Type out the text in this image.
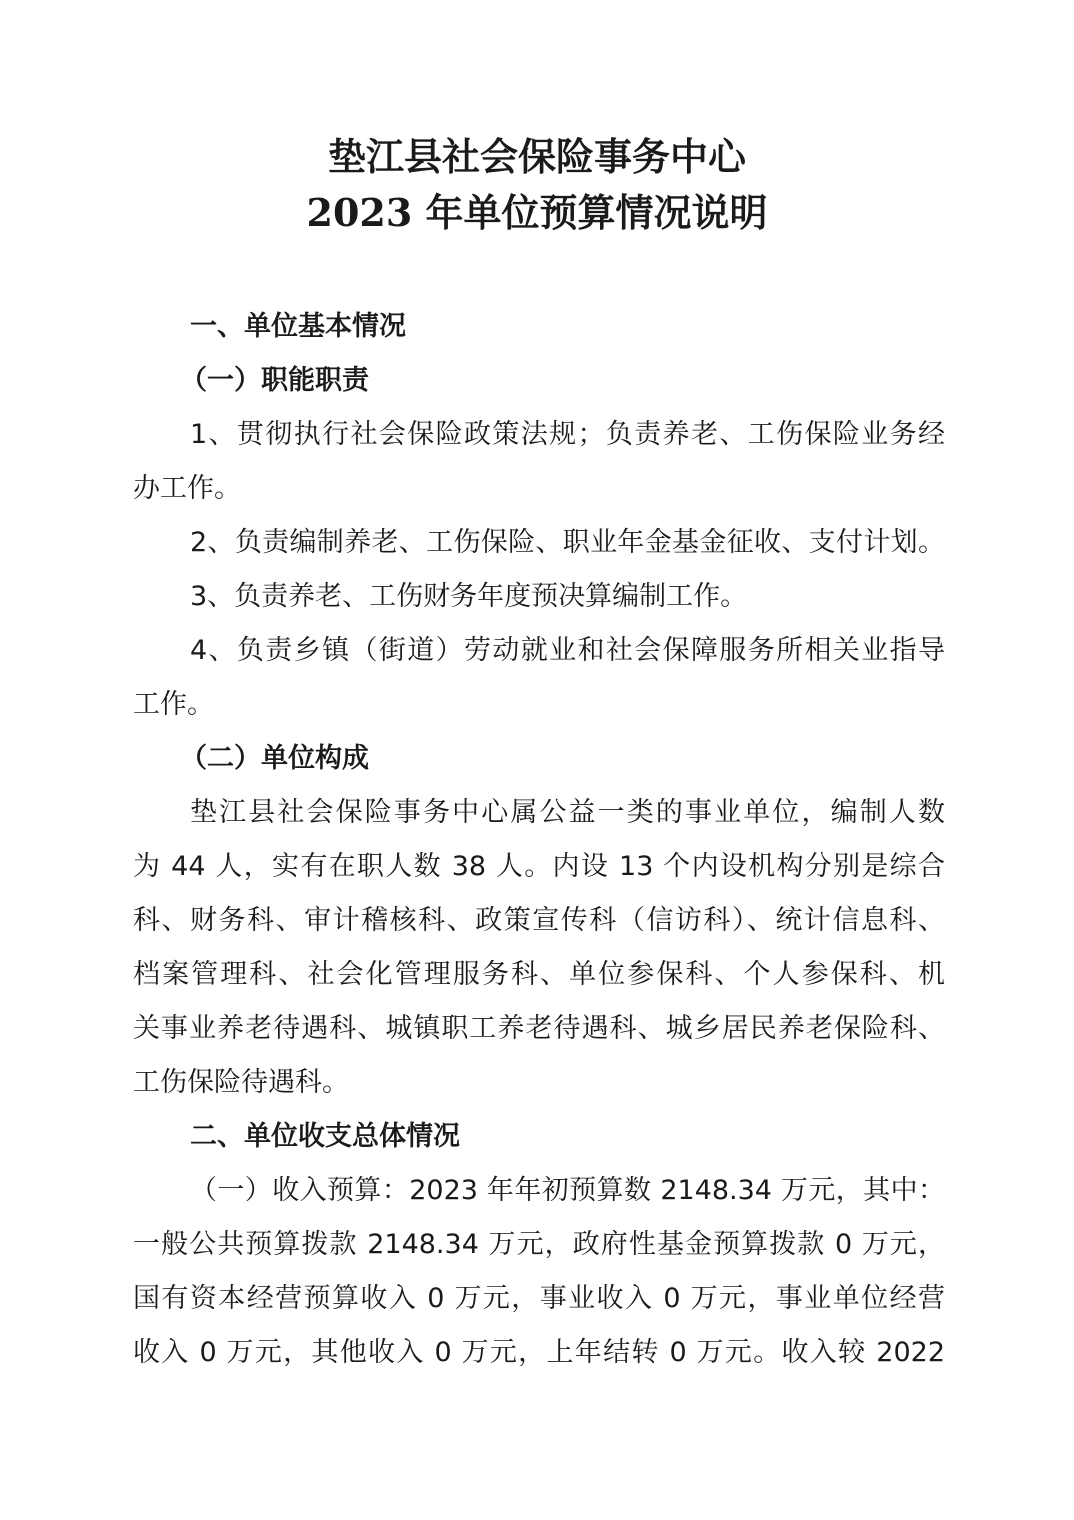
垫江县社会保险事务中心
2023 年单位预算情况说明

一、单位基本情况

（一）职能职责

1、贯彻执行社会保险政策法规；负责养老、工伤保险业务经

办工作。

2、负责编制养老、工伤保险、职业年金基金征收、支付计划。

3、负责养老、工伤财务年度预决算编制工作。

4、负责乡镇（街道）劳动就业和社会保障服务所相关业指导

工作。

（二）单位构成

垫江县社会保险事务中心属公益一类的事业单位，编制人数

为 44 人，实有在职人数 38 人。内设 13 个内设机构分别是综合

科、财务科、审计稽核科、政策宣传科（信访科）、统计信息科、

档案管理科、社会化管理服务科、单位参保科、个人参保科、机

关事业养老待遇科、城镇职工养老待遇科、城乡居民养老保险科、

工伤保险待遇科。

二、单位收支总体情况

（一）收入预算：2023 年年初预算数 2148.34 万元，其中：

一般公共预算拨款 2148.34 万元，政府性基金预算拨款 0 万元，

国有资本经营预算收入 0 万元，事业收入 0 万元，事业单位经营

收入 0 万元，其他收入 0 万元，上年结转 0 万元。收入较 2022
